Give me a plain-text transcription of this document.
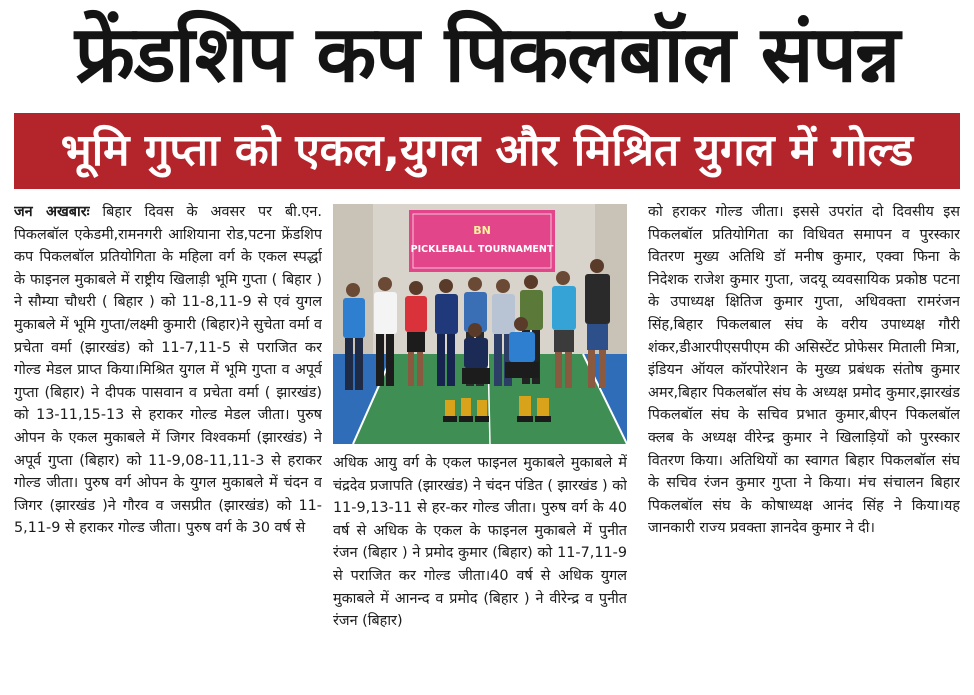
फ्रेंडशिप कप पिकलबॉल संपन्न
भूमि गुप्ता को एकल,युगल और मिश्रित युगल में गोल्ड
जन अखबारः बिहार दिवस के अवसर पर बी.एन. पिकलबॉल एकेडमी,रामनगरी आशियाना रोड,पटना फ्रेंडशिप कप पिकलबॉल प्रतियोगिता के महिला वर्ग के एकल स्पर्द्धा के फाइनल मुकाबले में राष्ट्रीय खिलाड़ी भूमि गुप्ता ( बिहार ) ने सौम्या चौधरी ( बिहार ) को 11-8,11-9 से एवं युगल मुकाबले में भूमि गुप्ता/लक्ष्मी कुमारी (बिहार)ने सुचेता वर्मा व प्रचेता वर्मा (झारखंड) को 11-7,11-5 से पराजित कर गोल्ड मेडल प्राप्त किया।मिश्रित युगल में भूमि गुप्ता व अपूर्व गुप्ता (बिहार) ने दीपक पासवान व प्रचेता वर्मा ( झारखंड) को 13-11,15-13 से हराकर गोल्ड मेडल जीता। पुरुष ओपन के एकल मुकाबले में जिगर विश्वकर्मा (झारखंड) ने अपूर्व गुप्ता (बिहार) को 11-9,08-11,11-3 से हराकर गोल्ड जीता। पुरुष वर्ग ओपन के युगल मुकाबले में चंदन व जिगर (झारखंड )ने गौरव व जसप्रीत (झारखंड) को 11-5,11-9 से हराकर गोल्ड जीता। पुरुष वर्ग के 30 वर्ष से
BN
PICKLEBALL TOURNAMENT
अधिक आयु वर्ग के एकल फाइनल मुकाबले मुकाबले में चंद्रदेव प्रजापति (झारखंड) ने चंदन पंडित ( झारखंड ) को 11-9,13-11 से हर-कर गोल्ड जीता। पुरुष वर्ग के 40 वर्ष से अधिक के एकल के फाइनल मुकाबले में पुनीत रंजन (बिहार ) ने प्रमोद कुमार (बिहार) को 11-7,11-9 से पराजित कर गोल्ड जीता।40 वर्ष से अधिक युगल मुकाबले में आनन्द व प्रमोद (बिहार ) ने वीरेन्द्र व पुनीत रंजन (बिहार)
को हराकर गोल्ड जीता। इससे उपरांत दो दिवसीय इस पिकलबॉल प्रतियोगिता का विधिवत समापन व पुरस्कार वितरण मुख्य अतिथि डॉ मनीष कुमार, एक्वा फिना के निदेशक राजेश कुमार गुप्ता, जदयू व्यवसायिक प्रकोष्ठ पटना के उपाध्यक्ष क्षितिज कुमार गुप्ता, अधिवक्ता रामरंजन सिंह,बिहार पिकलबाल संघ के वरीय उपाध्यक्ष गौरी शंकर,डीआरपीएसपीएम की असिस्टेंट प्रोफेसर मिताली मित्रा, इंडियन ऑयल कॉरपोरेशन के मुख्य प्रबंधक संतोष कुमार अमर,बिहार पिकलबॉल संघ के अध्यक्ष प्रमोद कुमार,झारखंड पिकलबॉल संघ के सचिव प्रभात कुमार,बीएन पिकलबॉल क्लब के अध्यक्ष वीरेन्द्र कुमार ने खिलाड़ियों को पुरस्कार वितरण किया। अतिथियों का स्वागत बिहार पिकलबॉल संघ के सचिव रंजन कुमार गुप्ता ने किया। मंच संचालन बिहार पिकलबॉल संघ के कोषाध्यक्ष आनंद सिंह ने किया।यह जानकारी राज्य प्रवक्ता ज्ञानदेव कुमार ने दी।
